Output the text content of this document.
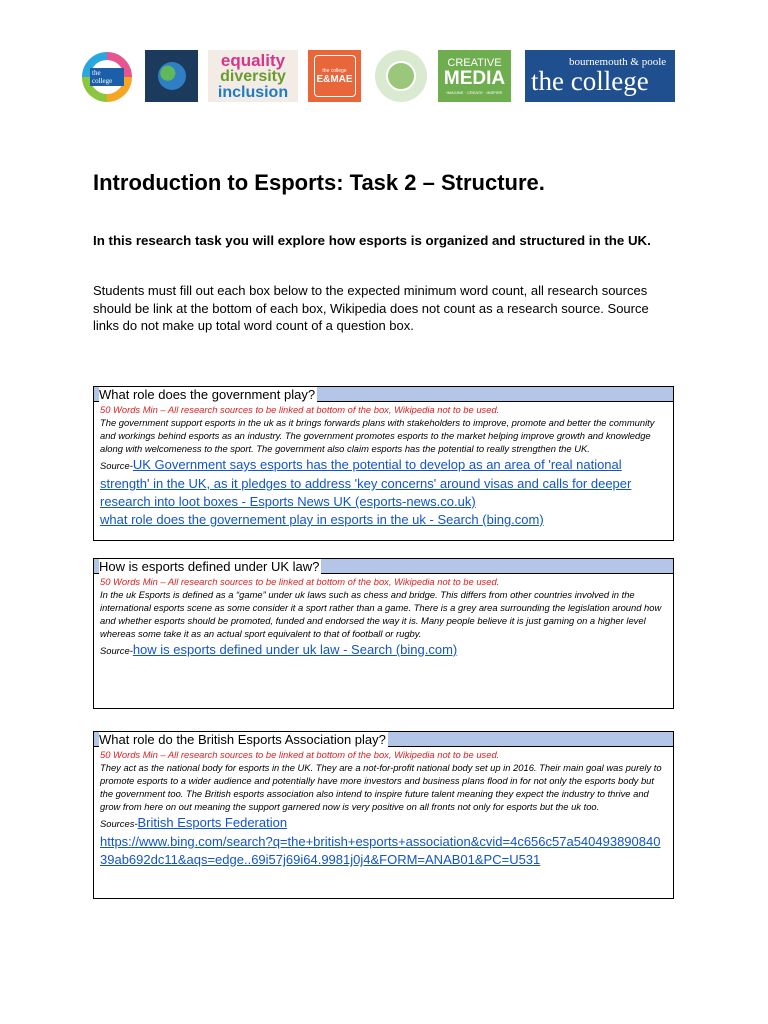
the college
equality
diversity
inclusion
the college
E&MAE
CREATIVE
MEDIA
IMAGINE · CREATE · INSPIRE
bournemouth & poole
the college
Introduction to Esports: Task 2 – Structure.

In this research task you will explore how esports is organized and structured in the UK.

Students must fill out each box below to the expected minimum word count, all research sources should be link at the bottom of each box, Wikipedia does not count as a research source. Source links do not make up total word count of a question box.

What role does the government play?
50 Words Min – All research sources to be linked at bottom of the box, Wikipedia not to be used.
The government support esports in the uk as it brings forwards plans with stakeholders to improve, promote and better the community and workings behind esports as an industry. The government promotes esports to the market helping improve growth and knowledge along with welcomeness to the sport. The government also claim esports has the potential to really strengthen the UK.
Source-UK Government says esports has the potential to develop as an area of 'real national strength' in the UK, as it pledges to address 'key concerns' around visas and calls for deeper research into loot boxes - Esports News UK (esports-news.co.uk)
what role does the governement play in esports in the uk - Search (bing.com)
How is esports defined under UK law?
50 Words Min – All research sources to be linked at bottom of the box, Wikipedia not to be used.
In the uk Esports is defined as a “game” under uk laws such as chess and bridge. This differs from other countries involved in the international esports scene as some consider it a sport rather than a game. There is a grey area surrounding the legislation around how and whether esports should be promoted, funded and endorsed the way it is. Many people believe it is just gaming on a higher level whereas some take it as an actual sport equivalent to that of football or rugby.
Source-how is esports defined under uk law - Search (bing.com)
What role do the British Esports Association play?
50 Words Min – All research sources to be linked at bottom of the box, Wikipedia not to be used.
They act as the national body for esports in the UK. They are a not-for-profit national body set up in 2016. Their main goal was purely to promote esports to a wider audience and potentially have more investors and business plans flood in for not only the esports body but the government too. The British esports association also intend to inspire future talent meaning they expect the industry to thrive and grow from here on out meaning the support garnered now is very positive on all fronts not only for esports but the uk too.
Sources-British Esports Federation
https://www.bing.com/search?q=the+british+esports+association&cvid=4c656c57a54049389084039ab692dc11&aqs=edge..69i57j69i64.9981j0j4&FORM=ANAB01&PC=U531
